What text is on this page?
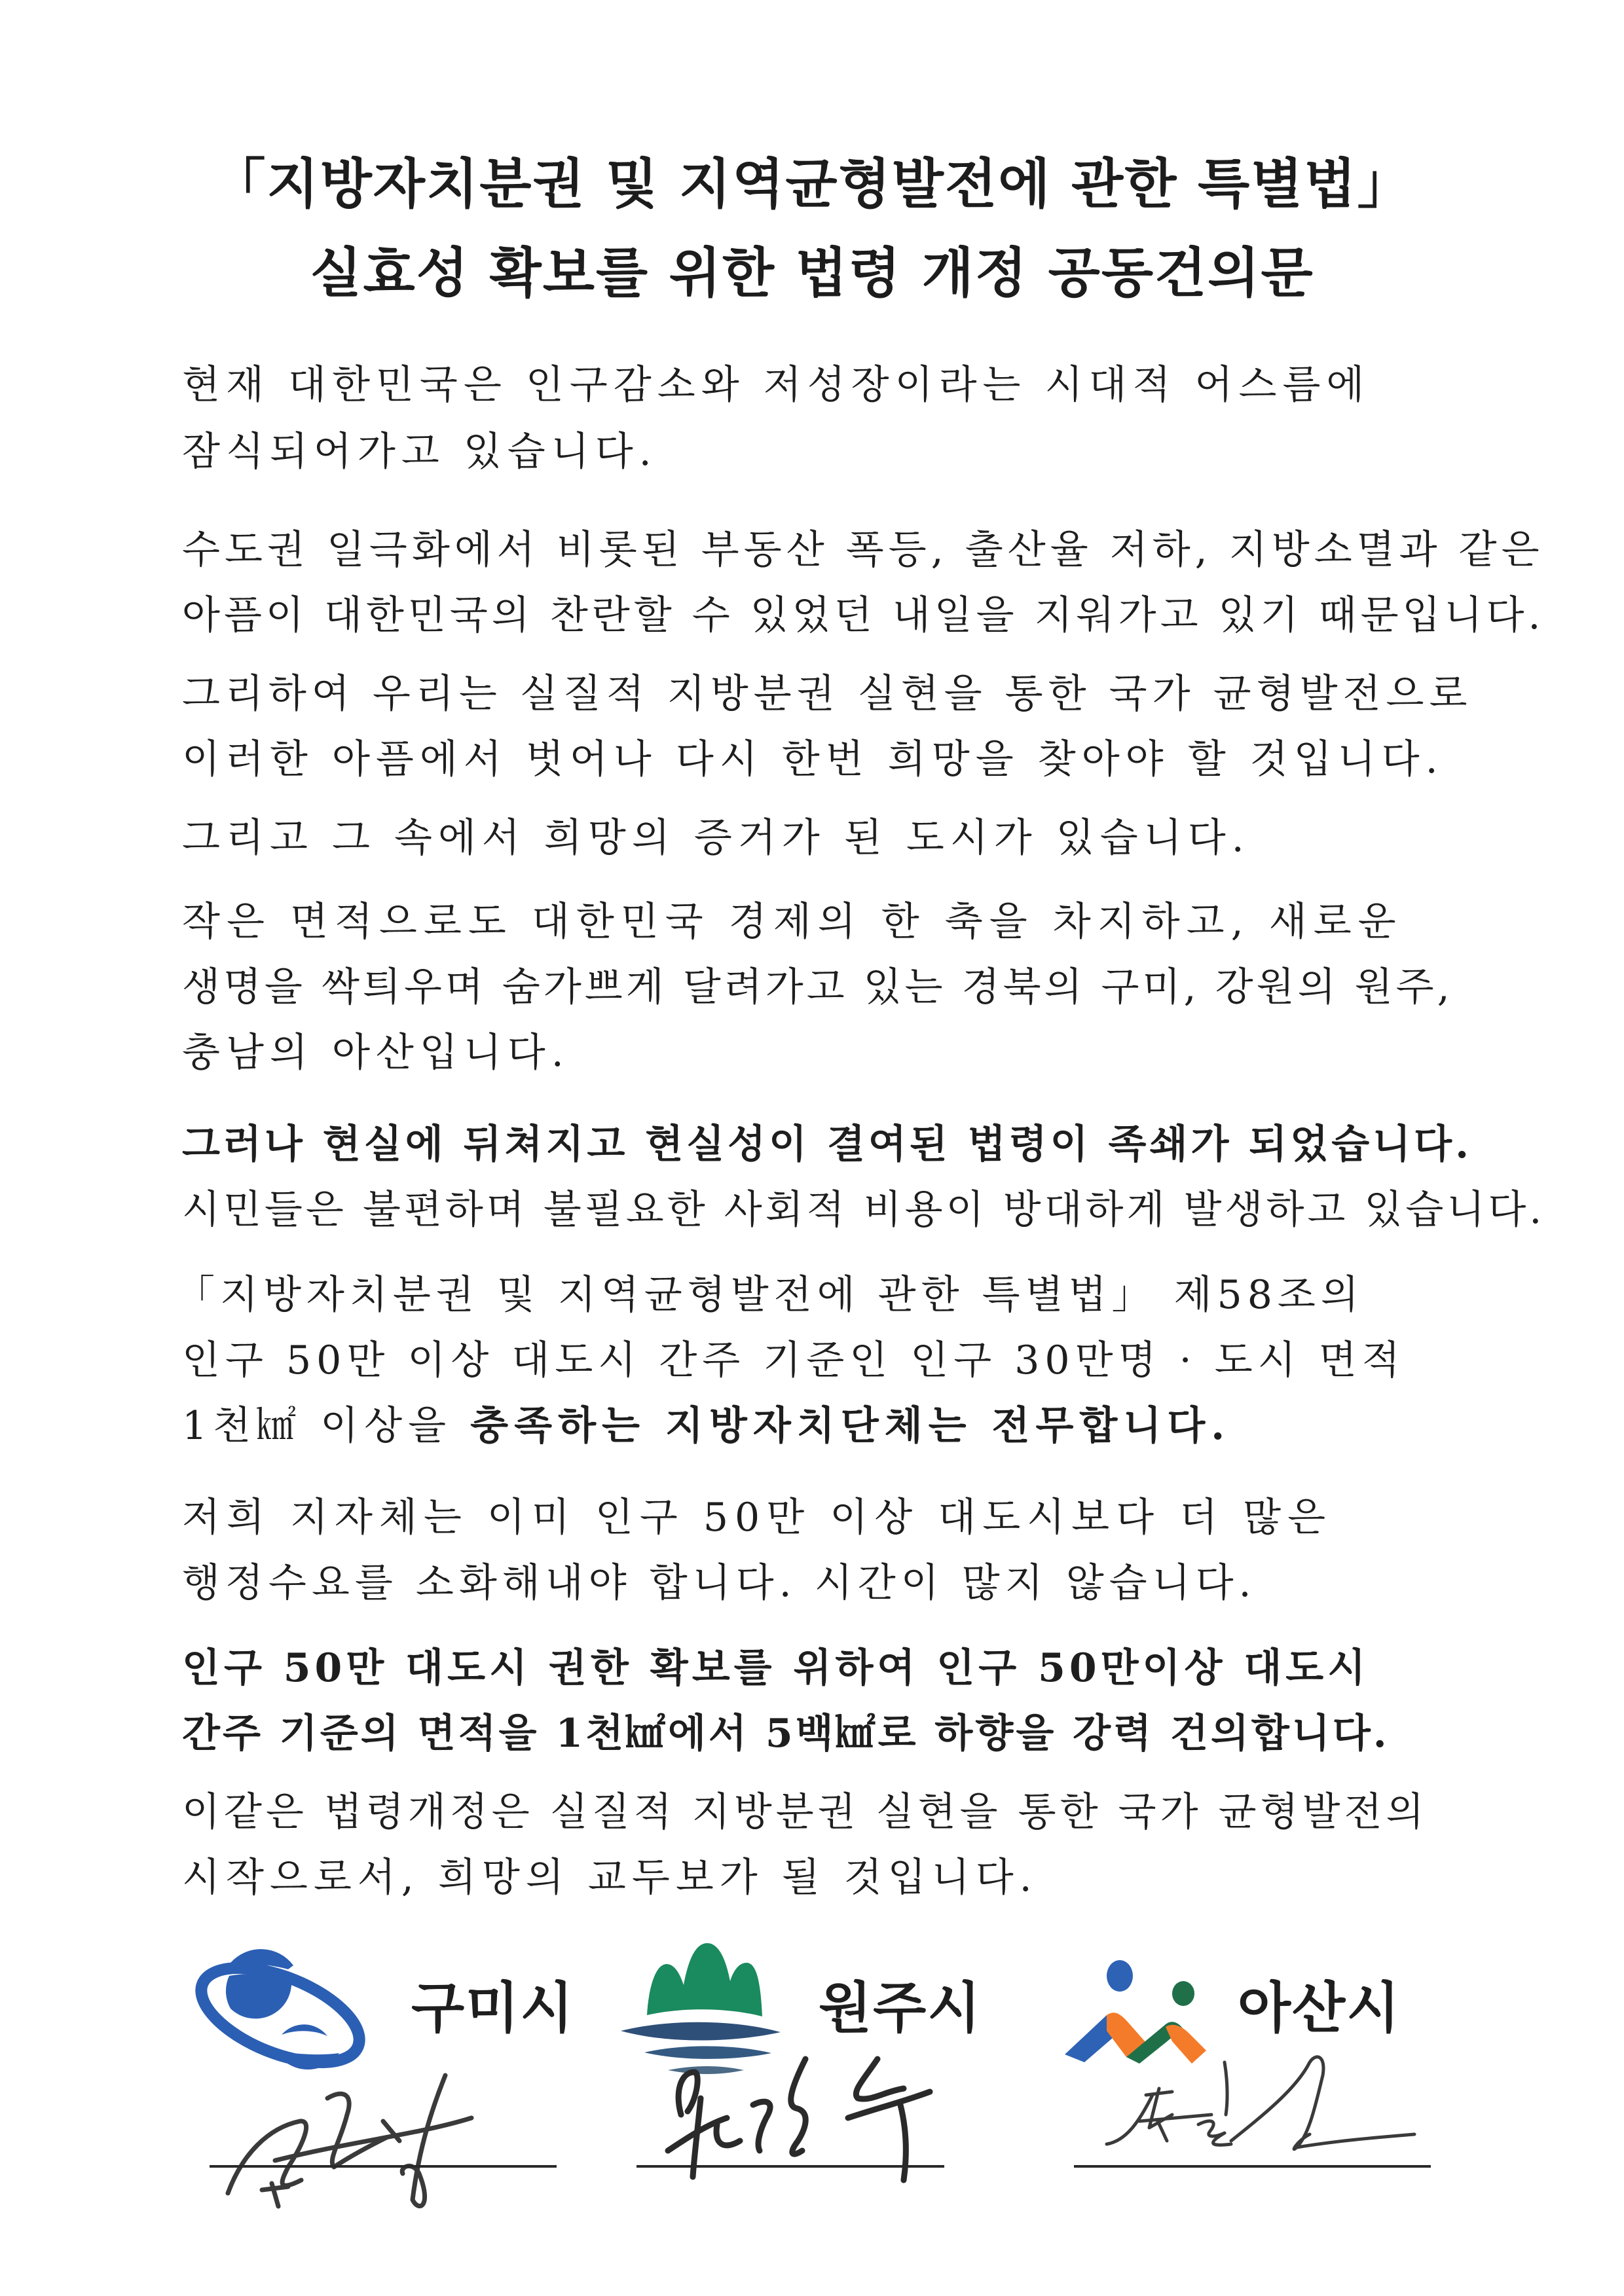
「지방자치분권 및 지역균형발전에 관한 특별법」
실효성 확보를 위한 법령 개정 공동건의문
현재 대한민국은 인구감소와 저성장이라는 시대적 어스름에
잠식되어가고 있습니다.
수도권 일극화에서 비롯된 부동산 폭등, 출산율 저하, 지방소멸과 같은
아픔이 대한민국의 찬란할 수 있었던 내일을 지워가고 있기 때문입니다.
그리하여 우리는 실질적 지방분권 실현을 통한 국가 균형발전으로
이러한 아픔에서 벗어나 다시 한번 희망을 찾아야 할 것입니다.
그리고 그 속에서 희망의 증거가 된 도시가 있습니다.
작은 면적으로도 대한민국 경제의 한 축을 차지하고, 새로운
생명을 싹틔우며 숨가쁘게 달려가고 있는 경북의 구미, 강원의 원주,
충남의 아산입니다.
그러나 현실에 뒤쳐지고 현실성이 결여된 법령이 족쇄가 되었습니다.
시민들은 불편하며 불필요한 사회적 비용이 방대하게 발생하고 있습니다.
「지방자치분권 및 지역균형발전에 관한 특별법」 제58조의
인구 50만 이상 대도시 간주 기준인 인구 30만명 · 도시 면적
1천㎢ 이상을 충족하는 지방자치단체는 전무합니다.
저희 지자체는 이미 인구 50만 이상 대도시보다 더 많은
행정수요를 소화해내야 합니다. 시간이 많지 않습니다.
인구 50만 대도시 권한 확보를 위하여 인구 50만이상 대도시
간주 기준의 면적을 1천㎢에서 5백㎢로 하향을 강력 건의합니다.
이같은 법령개정은 실질적 지방분권 실현을 통한 국가 균형발전의
시작으로서, 희망의 교두보가 될 것입니다.
구미시	원주시	아산시
